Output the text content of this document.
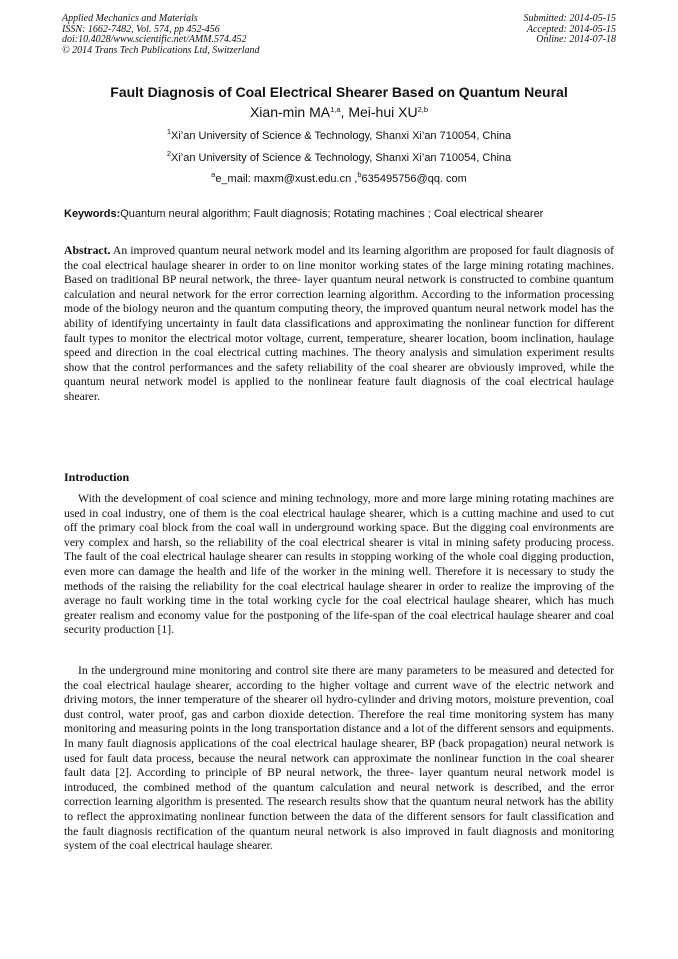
Applied Mechanics and Materials
ISSN: 1662-7482, Vol. 574, pp 452-456
doi:10.4028/www.scientific.net/AMM.574.452
© 2014 Trans Tech Publications Ltd, Switzerland
Submitted: 2014-05-15
Accepted: 2014-05-15
Online: 2014-07-18
Fault Diagnosis of Coal Electrical Shearer Based on Quantum Neural
Xian-min MA$^{1,a}$, Mei-hui XU$^{2,b}$
$^1$Xi’an University of Science & Technology, Shanxi Xi’an 710054, China
$^2$Xi’an University of Science & Technology, Shanxi Xi’an 710054, China
$^a$e_mail: maxm@xust.edu.cn ,$^b$635495756@qq. com
Keywords:Quantum neural algorithm; Fault diagnosis; Rotating machines ; Coal electrical shearer
Abstract. An improved quantum neural network model and its learning algorithm are proposed for fault diagnosis of the coal electrical haulage shearer in order to on line monitor working states of the large mining rotating machines. Based on traditional BP neural network, the three- layer quantum neural network is constructed to combine quantum calculation and neural network for the error correction learning algorithm. According to the information processing mode of the biology neuron and the quantum computing theory, the improved quantum neural network model has the ability of identifying uncertainty in fault data classifications and approximating the nonlinear function for different fault types to monitor the electrical motor voltage, current, temperature, shearer location, boom inclination, haulage speed and direction in the coal electrical cutting machines. The theory analysis and simulation experiment results show that the control performances and the safety reliability of the coal shearer are obviously improved, while the quantum neural network model is applied to the nonlinear feature fault diagnosis of the coal electrical haulage shearer.
Introduction
With the development of coal science and mining technology, more and more large mining rotating machines are used in coal industry, one of them is the coal electrical haulage shearer, which is a cutting machine and used to cut off the primary coal block from the coal wall in underground working space. But the digging coal environments are very complex and harsh, so the reliability of the coal electrical shearer is vital in mining safety producing process. The fault of the coal electrical haulage shearer can results in stopping working of the whole coal digging production, even more can damage the health and life of the worker in the mining well. Therefore it is necessary to study the methods of the raising the reliability for the coal electrical haulage shearer in order to realize the improving of the average no fault working time in the total working cycle for the coal electrical haulage shearer, which has much greater realism and economy value for the postponing of the life-span of the coal electrical haulage shearer and coal security production [1].
In the underground mine monitoring and control site there are many parameters to be measured and detected for the coal electrical haulage shearer, according to the higher voltage and current wave of the electric network and driving motors, the inner temperature of the shearer oil hydro-cylinder and driving motors, moisture prevention, coal dust control, water proof, gas and carbon dioxide detection. Therefore the real time monitoring system has many monitoring and measuring points in the long transportation distance and a lot of the different sensors and equipments. In many fault diagnosis applications of the coal electrical haulage shearer, BP (back propagation) neural network is used for fault data process, because the neural network can approximate the nonlinear function in the coal shearer fault data [2]. According to principle of BP neural network, the three- layer quantum neural network model is introduced, the combined method of the quantum calculation and neural network is described, and the error correction learning algorithm is presented. The research results show that the quantum neural network has the ability to reflect the approximating nonlinear function between the data of the different sensors for fault classification and the fault diagnosis rectification of the quantum neural network is also improved in fault diagnosis and monitoring system of the coal electrical haulage shearer.
